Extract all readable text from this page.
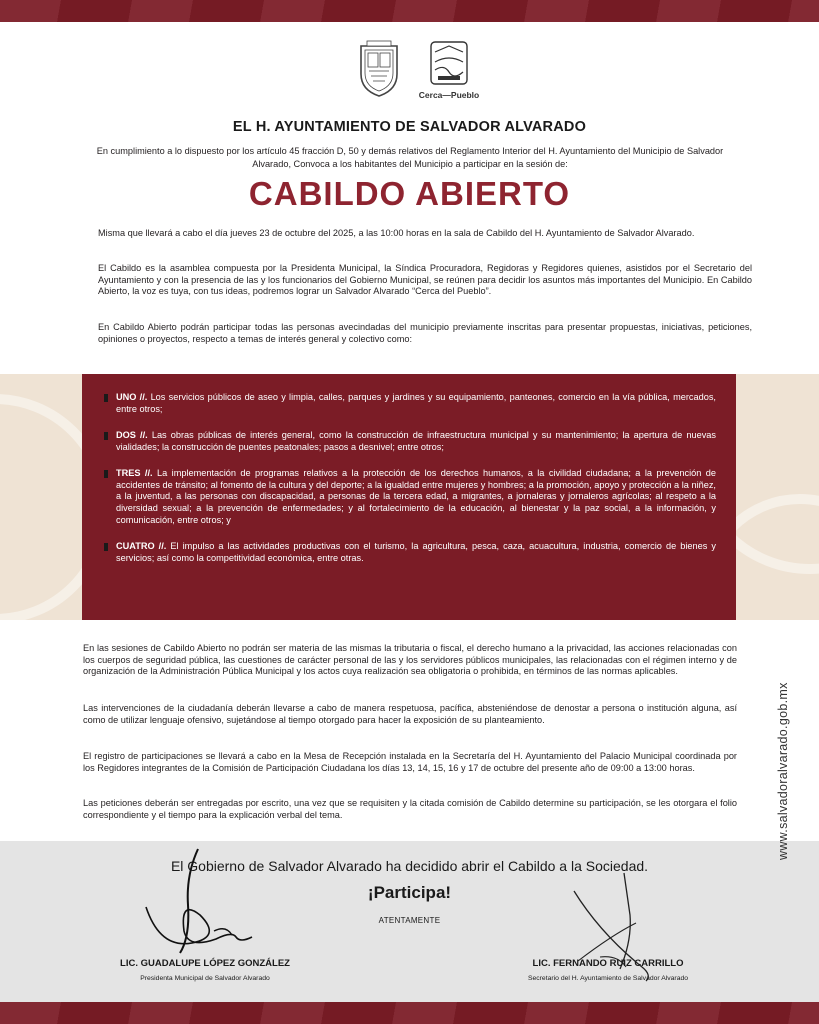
Cerca—Pueblo
EL H. AYUNTAMIENTO DE SALVADOR ALVARADO
En cumplimiento a lo dispuesto por los artículo 45 fracción D, 50 y demás relativos del Reglamento Interior del H. Ayuntamiento del Municipio de Salvador Alvarado, Convoca a los habitantes del Municipio a participar en la sesión de:
CABILDO ABIERTO

Misma que llevará a cabo el día jueves 23 de octubre del 2025, a las 10:00 horas en la sala de Cabildo del H. Ayuntamiento de Salvador Alvarado.

El Cabildo es la asamblea compuesta por la Presidenta Municipal, la Síndica Procuradora, Regidoras y Regidores quienes, asistidos por el Secretario del Ayuntamiento y con la presencia de las y los funcionarios del Gobierno Municipal, se reúnen para decidir los asuntos más importantes del Municipio. En Cabildo Abierto, la voz es tuya, con tus ideas, podremos lograr un Salvador Alvarado “Cerca del Pueblo”.

En Cabildo Abierto podrán participar todas las personas avecindadas del municipio previamente inscritas para presentar propuestas, iniciativas, peticiones, opiniones o proyectos, respecto a temas de interés general y colectivo como:

UNO //. Los servicios públicos de aseo y limpia, calles, parques y jardines y su equipamiento, panteones, comercio en la vía pública, mercados, entre otros;
DOS //. Las obras públicas de interés general, como la construcción de infraestructura municipal y su mantenimiento; la apertura de nuevas vialidades; la construcción de puentes peatonales; pasos a desnivel; entre otros;
TRES //. La implementación de programas relativos a la protección de los derechos humanos, a la civilidad ciudadana; a la prevención de accidentes de tránsito; al fomento de la cultura y del deporte; a la igualdad entre mujeres y hombres; a la promoción, apoyo y protección a la niñez, a la juventud, a las personas con discapacidad, a personas de la tercera edad, a migrantes, a jornaleras y jornaleros agrícolas; al respeto a la diversidad sexual; a la prevención de enfermedades; y al fortalecimiento de la educación, al bienestar y la paz social, a la información, y comunicación, entre otros; y
CUATRO //. El impulso a las actividades productivas con el turismo, la agricultura, pesca, caza, acuacultura, industria, comercio de bienes y servicios; así como la competitividad económica, entre otras.

En las sesiones de Cabildo Abierto no podrán ser materia de las mismas la tributaria o fiscal, el derecho humano a la privacidad, las acciones relacionadas con los cuerpos de seguridad pública, las cuestiones de carácter personal de las y los servidores públicos municipales, las relacionadas con el régimen interno y de organización de la Administración Pública Municipal y los actos cuya realización sea obligatoria o prohibida, en términos de las normas aplicables.

Las intervenciones de la ciudadanía deberán llevarse a cabo de manera respetuosa, pacífica, absteniéndose de denostar a persona o institución alguna, así como de utilizar lenguaje ofensivo, sujetándose al tiempo otorgado para hacer la exposición de su planteamiento.

El registro de participaciones se llevará a cabo en la Mesa de Recepción instalada en la Secretaría del H. Ayuntamiento del Palacio Municipal coordinada por los Regidores integrantes de la Comisión de Participación Ciudadana los días 13, 14, 15, 16 y 17 de octubre del presente año de 09:00 a 13:00 horas.

Las peticiones deberán ser entregadas por escrito, una vez que se requisiten y la citada comisión de Cabildo determine su participación, se les otorgara el folio correspondiente y el tiempo para la explicación verbal del tema.

El Gobierno de Salvador Alvarado ha decidido abrir el Cabildo a la Sociedad.
¡Participa!
ATENTAMENTE
LIC. GUADALUPE LÓPEZ GONZÁLEZ
Presidenta Municipal de Salvador Alvarado
LIC. FERNANDO RUIZ CARRILLO
Secretario del H. Ayuntamiento de Salvador Alvarado
www.salvadoralvarado.gob.mx
